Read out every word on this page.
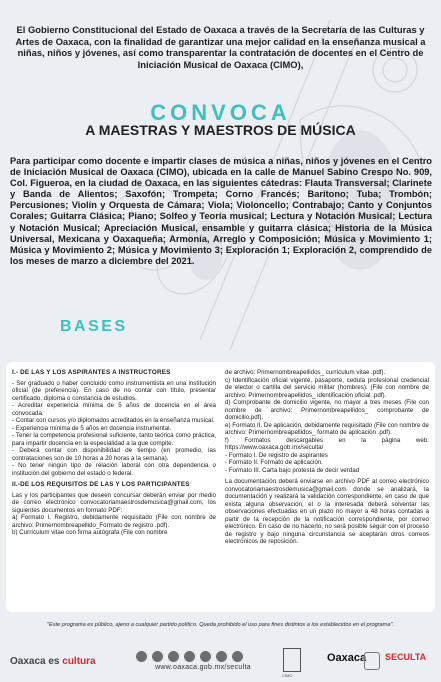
El Gobierno Constitucional del Estado de Oaxaca a través de la Secretaría de las Culturas y Artes de Oaxaca, con la finalidad de garantizar una mejor calidad en la enseñanza musical a niñas, niños y jóvenes, así como transparentar la contratación de docentes en el Centro de Iniciación Musical de Oaxaca (CIMO),
CONVOCA
A MAESTRAS Y MAESTROS DE MÚSICA
Para participar como docente e impartir clases de música a niñas, niños y jóvenes en el Centro de Iniciación Musical de Oaxaca (CIMO), ubicada en la calle de Manuel Sabino Crespo No. 909, Col. Figueroa, en la ciudad de Oaxaca, en las siguientes cátedras: Flauta Transversal; Clarinete y Banda de Alientos; Saxofón; Trompeta; Corno Francés; Barítono; Tuba; Trombón; Percusiones; Violín y Orquesta de Cámara; Viola; Violoncello; Contrabajo; Canto y Conjuntos Corales; Guitarra Clásica; Piano; Solfeo y Teoría musical; Lectura y Notación Musical; Lectura y Notación Musical; Apreciación Musical, ensamble y guitarra clásica; Historia de la Música Universal, Mexicana y Oaxaqueña; Armonía, Arreglo y Composición; Música y Movimiento 1; Música y Movimiento 2; Música y Movimiento 3; Exploración 1; Exploración 2, comprendido de los meses de marzo a diciembre del 2021.
BASES
I.- DE LAS Y LOS ASPIRANTES A INSTRUCTORES

- Ser graduado o haber concluido como instrumentista en una institución oficial (de preferencia). En caso de no contar con título, presentar certificado, diploma o constancia de estudios.

- Acreditar experiencia mínima de 5 años de docencia en el área convocada.

- Contar con cursos y/o diplomados acreditados en la enseñanza musical.

- Experiencia mínima de 5 años en docencia instrumental.

- Tener la competencia profesional suficiente, tanto teórica como práctica, para impartir docencia en la especialidad a la que compite.

- Deberá contar con disponibilidad de tiempo (en promedio, las contrataciones son de 10 horas a 20 horas a la semana).

- No tener ningún tipo de relación laboral con otra dependencia o institución del gobierno del estado o federal.

II.-DE LOS REQUISITOS DE LAS Y LOS PARTICIPANTES

Las y los participantes que deseen concursar deberán enviar por medio de correo electrónico convocatoriamaestrosdemusica@gmail.com, los siguientes documentos en formato PDF:

a) Formato I. Registro, debidamente requisitado (File con nombre de archivo: Primernombreapellido_Formato de registro .pdf).

b) Currículum vitae con firma autógrafa (File con nombre

de archivo: Primernombreapellidos_ currículum vitae .pdf).

c) Identificación oficial vigente, pasaporte, cedula profesional credencial de elector o cartilla del servicio militar (hombres). (File con nombre de archivo: Primernombreapellidos_ identificación oficial .pdf).

d) Comprobante de domicilio vigente, no mayor a tres meses (File con nombre de archivo: Primernombreapellidos_ comprobante de domicilio.pdf).

e) Formato II. De aplicación, debidamente requisitado (File con nombre de archivo: Primernombreapellidos_ formato de aplicación .pdf).

f) Formatos descargables en la página web: https://www.oaxaca.gob.mx/seculta/

- Formato I. De registro de aspirantes

- Formato II. Formato de aplicación.

- Formato III. Carta bajo protesta de decir verdad

La documentación deberá enviarse en archivo PDF al correo electrónico convocatoriamaestrosdemusica@gmail.com donde se analizará, la documentación y realizará la validación correspondiente, en caso de que exista alguna observación, el o la interesada deberá solventar las observaciones efectuadas en un plazo no mayor a 48 horas contadas a partir de la recepción de la notificación correspondiente, por correo electrónico. En caso de no hacerlo, no será posible seguir con el proceso de registro y bajo ninguna circunstancia se aceptarán otros correos electrónicos de reposición.

"Este programa es público, ajeno a cualquier partido político. Queda prohibido el uso para fines distintos a los establecidos en el programa".
Oaxaca es cultura
www.oaxaca.gob.mx/seculta
CIMO
Oaxaca SECULTA
